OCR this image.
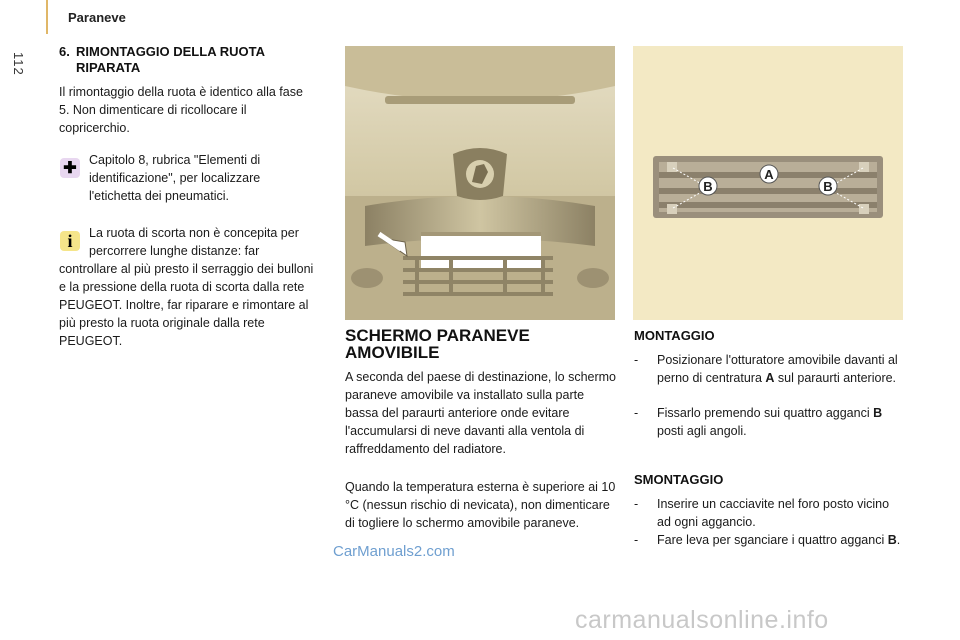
112
Paraneve
6. RIMONTAGGIO DELLA RUOTA
RIPARATA
Il rimontaggio della ruota è identico alla fase 5. Non dimenticare di ricollocare il copricerchio.
✚ Capitolo 8, rubrica "Elementi di identificazione", per localizzare l'etichetta dei pneumatici.
i	La ruota di scorta non è concepita per percorrere lunghe distanze: far
controllare al più presto il serraggio dei bulloni e la pressione della ruota di scorta dalla rete PEUGEOT. Inoltre, far riparare e rimontare al più presto la ruota originale dalla rete PEUGEOT.
B
A
B
SCHERMO PARANEVE
AMOVIBILE
A seconda del paese di destinazione, lo schermo paraneve amovibile va installato sulla parte bassa del paraurti anteriore onde evitare l'accumularsi di neve davanti alla ventola di raffreddamento del radiatore.
Quando la temperatura esterna è superiore ai 10 °C (nessun rischio di nevicata), non dimenticare di togliere lo schermo amovibile paraneve.
MONTAGGIO
-	Posizionare l'otturatore amovibile davanti al perno di centratura A sul paraurti anteriore.
-	Fissarlo premendo sui quattro agganci B posti agli angoli.
SMONTAGGIO
-	Inserire un cacciavite nel foro posto vicino ad ogni aggancio.
-	Fare leva per sganciare i quattro agganci B.
CarManuals2.com
carmanualsonline.info
